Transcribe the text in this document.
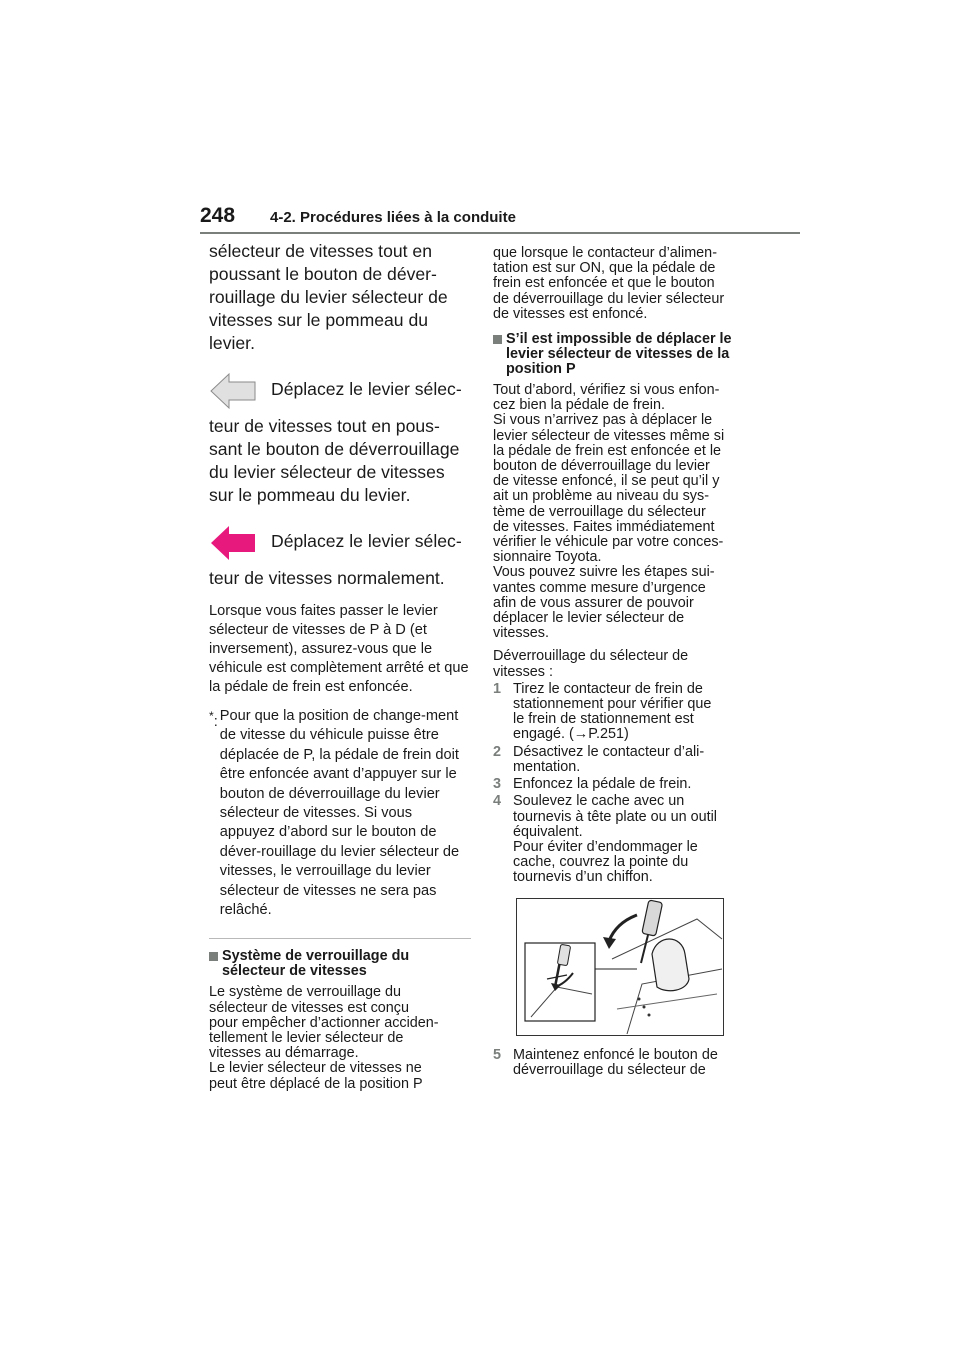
248 4-2. Procédures liées à la conduite

sélecteur de vitesses tout en poussant le bouton de déver-rouillage du levier sélecteur de vitesses sur le pommeau du levier.

Déplacez le levier sélec-

teur de vitesses tout en pous-sant le bouton de déverrouillage du levier sélecteur de vitesses sur le pommeau du levier.

Déplacez le levier sélec-

teur de vitesses normalement.

Lorsque vous faites passer le levier sélecteur de vitesses de P à D (et inversement), assurez-vous que le véhicule est complètement arrêté et que la pédale de frein est enfoncée.

*: Pour que la position de change-ment de vitesse du véhicule puisse être déplacée de P, la pédale de frein doit être enfoncée avant d’appuyer sur le bouton de déverrouillage du levier sélecteur de vitesses. Si vous appuyez d’abord sur le bouton de déver-rouillage du levier sélecteur de vitesses, le verrouillage du levier sélecteur de vitesses ne sera pas relâché.
Système de verrouillage du sélecteur de vitesses

Le système de verrouillage du
sélecteur de vitesses est conçu
pour empêcher d’actionner acciden-
tellement le levier sélecteur de
vitesses au démarrage.
Le levier sélecteur de vitesses ne
peut être déplacé de la position P

que lorsque le contacteur d’alimen-
tation est sur ON, que la pédale de
frein est enfoncée et que le bouton
de déverrouillage du levier sélecteur
de vitesses est enfoncé.

S’il est impossible de déplacer le levier sélecteur de vitesses de la position P

Tout d’abord, vérifiez si vous enfon-
cez bien la pédale de frein.
Si vous n’arrivez pas à déplacer le
levier sélecteur de vitesses même si
la pédale de frein est enfoncée et le
bouton de déverrouillage du levier
de vitesse enfoncé, il se peut qu’il y
ait un problème au niveau du sys-
tème de verrouillage du sélecteur
de vitesses. Faites immédiatement
vérifier le véhicule par votre conces-
sionnaire Toyota.
Vous pouvez suivre les étapes sui-
vantes comme mesure d’urgence
afin de vous assurer de pouvoir
déplacer le levier sélecteur de
vitesses.

Déverrouillage du sélecteur de
vitesses :

1 Tirez le contacteur de frein de
stationnement pour vérifier que
le frein de stationnement est
engagé. (→P.251)
2 Désactivez le contacteur d’ali-
mentation.
3 Enfoncez la pédale de frein.
4 Soulevez le cache avec un
tournevis à tête plate ou un outil
équivalent.
Pour éviter d’endommager le
cache, couvrez la pointe du
tournevis d’un chiffon.
5 Maintenez enfoncé le bouton de
déverrouillage du sélecteur de
